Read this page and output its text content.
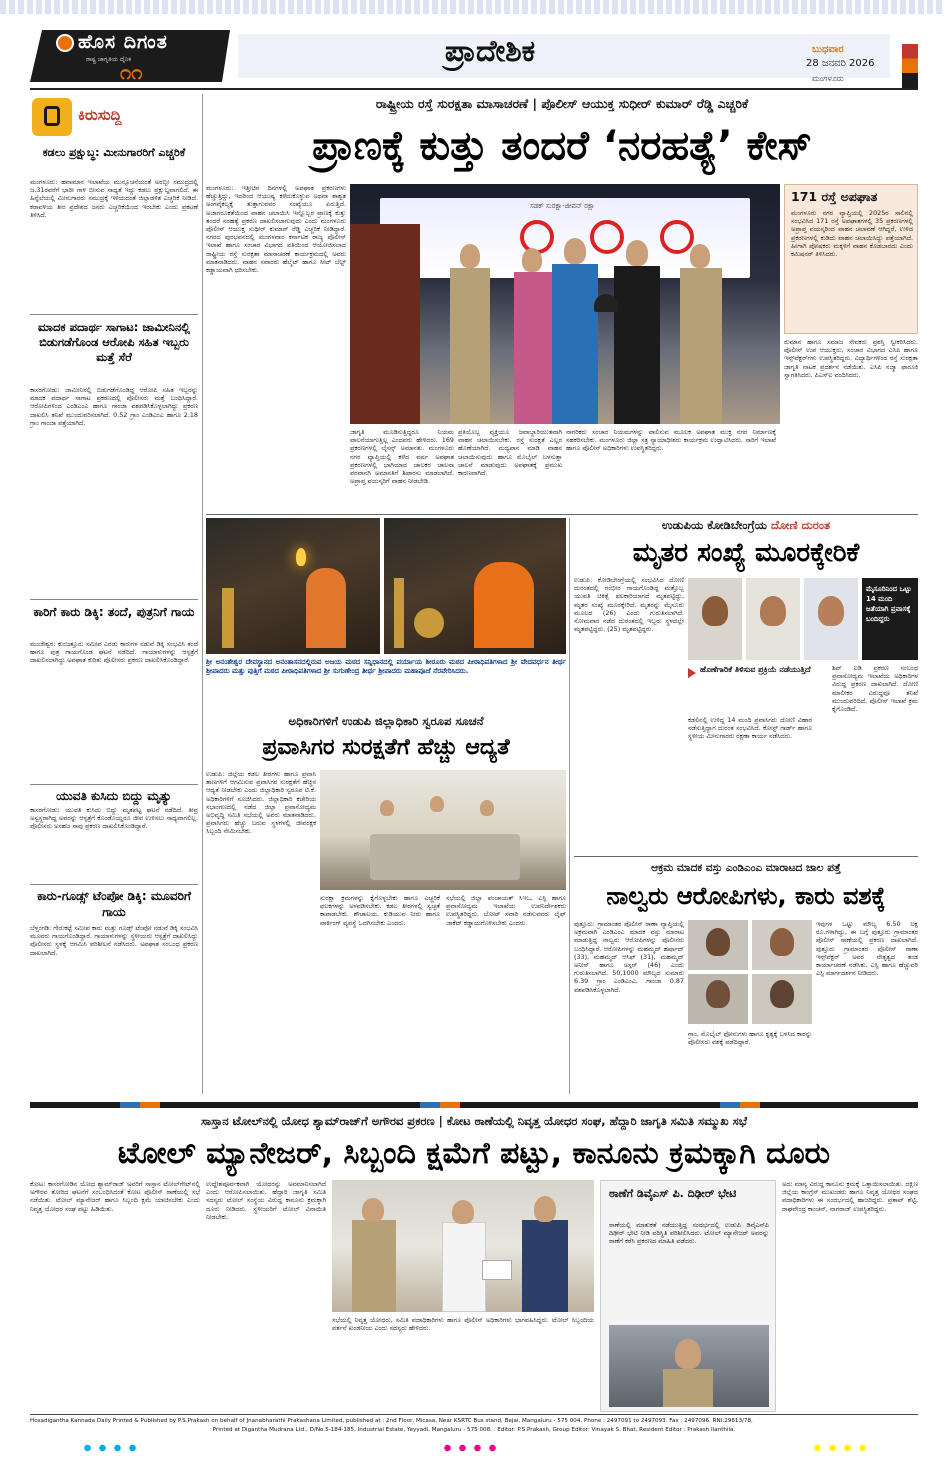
ಹೊಸ ದಿಗಂತ
ರಾಷ್ಟ್ರ ಜಾಗೃತಿಯ ದೈನಿಕ
೧೧
ಪ್ರಾದೇಶಿಕ	ಬುಧವಾರ
28 ಜನವರಿ 2026
ಮಂಗಳೂರು
ಕಿರುಸುದ್ದಿ
ಕಡಲು ಪ್ರಕ್ಷುಬ್ಧ: ಮೀನುಗಾರರಿಗೆ ಎಚ್ಚರಿಕೆ
ಮಂಗಳೂರು: ಹವಾಮಾನ ಇಲಾಖೆಯ ಮುನ್ಸೂಚನೆಯಂತೆ ಅರಬ್ಬೀ ಸಮುದ್ರದಲ್ಲಿ ಜ.31ರವರೆಗೆ ಭಾರೀ ಗಾಳಿ ಬೀಸುವ ಸಾಧ್ಯತೆ ಇದ್ದು ಕಡಲು ಪ್ರಕ್ಷುಬ್ಧವಾಗಲಿದೆ. ಈ ಹಿನ್ನೆಲೆಯಲ್ಲಿ ಮೀನುಗಾರರು ಸಮುದ್ರಕ್ಕೆ ಇಳಿಯದಂತೆ ಜಿಲ್ಲಾಡಳಿತ ಎಚ್ಚರಿಕೆ ನೀಡಿದೆ. ಕರಾವಳಿಯ ತೀರ ಪ್ರದೇಶದ ಜನರು ಎಚ್ಚರಿಕೆಯಿಂದ ಇರಬೇಕು ಎಂದು ಪ್ರಕಟಣೆ ತಿಳಿಸಿದೆ.
ಮಾದಕ ಪದಾರ್ಥ ಸಾಗಾಟ: ಜಾಮೀನಿನಲ್ಲಿ ಬಿಡುಗಡೆಗೊಂಡ ಆರೋಪಿ ಸಹಿತ ಇಬ್ಬರು ಮತ್ತೆ ಸೆರೆ
ಕಾಸರಗೋಡು: ಜಾಮೀನಿನಲ್ಲಿ ಬಿಡುಗಡೆಗೊಂಡಿದ್ದ ಆರೋಪಿ ಸಹಿತ ಇಬ್ಬರನ್ನು ಮಾದಕ ಪದಾರ್ಥ ಸಾಗಾಟ ಪ್ರಕರಣದಲ್ಲಿ ಪೊಲೀಸರು ಮತ್ತೆ ಬಂಧಿಸಿದ್ದಾರೆ. ಆರೋಪಿಗಳಿಂದ ಎಂಡಿಎಂಎ ಹಾಗೂ ಗಾಂಜಾ ವಶಪಡಿಸಿಕೊಳ್ಳಲಾಗಿದ್ದು ಪ್ರಕರಣ ದಾಖಲಿಸಿ ತನಿಖೆ ಮುಂದುವರಿಸಲಾಗಿದೆ. 0.52 ಗ್ರಾಂ ಎಂಡಿಎಂಎ ಹಾಗೂ 2.18 ಗ್ರಾಂ ಗಾಂಜಾ ಪತ್ತೆಯಾಗಿದೆ.
ಕಾರಿಗೆ ಕಾರು ಡಿಕ್ಕಿ: ತಂದೆ, ಪುತ್ರನಿಗೆ ಗಾಯ
ಮಂಜೇಶ್ವರ: ಕುಂಜತ್ತೂರು ಸಮೀಪ ಎರಡು ಕಾರುಗಳ ನಡುವೆ ಡಿಕ್ಕಿ ಸಂಭವಿಸಿ ತಂದೆ ಹಾಗೂ ಪುತ್ರ ಗಾಯಗೊಂಡ ಘಟನೆ ನಡೆದಿದೆ. ಗಾಯಾಳುಗಳನ್ನು ಆಸ್ಪತ್ರೆಗೆ ದಾಖಲಿಸಲಾಗಿದ್ದು ಅಪಘಾತ ಕುರಿತು ಪೊಲೀಸರು ಪ್ರಕರಣ ದಾಖಲಿಸಿಕೊಂಡಿದ್ದಾರೆ.
ಯುವತಿ ಕುಸಿದು ಬಿದ್ದು ಮೃತ್ಯು
ಕಾಸರಗೋಡು: ಯುವತಿ ಕುಸಿದು ಬಿದ್ದು ಮೃತಪಟ್ಟ ಘಟನೆ ನಡೆದಿದೆ. ತೀವ್ರ ಅಸ್ವಸ್ಥರಾಗಿದ್ದ ಅವರನ್ನು ಆಸ್ಪತ್ರೆಗೆ ಕೊಂಡೊಯ್ದರೂ ಜೀವ ಉಳಿಸಲು ಸಾಧ್ಯವಾಗಲಿಲ್ಲ. ಪೊಲೀಸರು ಅಸಹಜ ಸಾವು ಪ್ರಕರಣ ದಾಖಲಿಸಿಕೊಂಡಿದ್ದಾರೆ.
ಕಾರು-ಗೂಡ್ಸ್ ಟೆಂಪೋ ಡಿಕ್ಕಿ: ಮೂವರಿಗೆ ಗಾಯ
ಬೆಳ್ತಂಗಡಿ: ಗೇರುಕಟ್ಟೆ ಸಮೀಪ ಕಾರು ಮತ್ತು ಗೂಡ್ಸ್ ಟೆಂಪೋ ನಡುವೆ ಡಿಕ್ಕಿ ಸಂಭವಿಸಿ ಮೂವರು ಗಾಯಗೊಂಡಿದ್ದಾರೆ. ಗಾಯಾಳುಗಳನ್ನು ಸ್ಥಳೀಯರು ಆಸ್ಪತ್ರೆಗೆ ದಾಖಲಿಸಿದ್ದು ಪೊಲೀಸರು ಸ್ಥಳಕ್ಕೆ ಆಗಮಿಸಿ ಪರಿಶೀಲನೆ ನಡೆಸಿದರು. ಅಪಘಾತ ಸಂಬಂಧ ಪ್ರಕರಣ ದಾಖಲಾಗಿದೆ.
ರಾಷ್ಟ್ರೀಯ ರಸ್ತೆ ಸುರಕ್ಷತಾ ಮಾಸಾಚರಣೆ | ಪೊಲೀಸ್ ಆಯುಕ್ತ ಸುಧೀರ್ ಕುಮಾರ್ ರೆಡ್ಡಿ ಎಚ್ಚರಿಕೆ
ಪ್ರಾಣಕ್ಕೆ ಕುತ್ತು ತಂದರೆ ‘ನರಹತ್ಯೆ’ ಕೇಸ್
ಮಂಗಳೂರು: ಇತ್ತೀಚಿನ ದಿನಗಳಲ್ಲಿ ಅಪಘಾತ ಪ್ರಕರಣಗಳು ಹೆಚ್ಚುತ್ತಿದ್ದು, ಇದರಿಂದ ಆಯುಷ್ಯ ಕಳೆದುಕೊಳ್ಳುವ ಅಥವಾ ಶಾಶ್ವತ ಅಂಗವೈಕಲ್ಯಕ್ಕೆ ತುತ್ತಾಗುವವರ ಸಂಖ್ಯೆಯೂ ಏರುತ್ತಿದೆ. ಅಜಾಗರೂಕತೆಯಿಂದ ವಾಹನ ಚಲಾಯಿಸಿ ಇನ್ನೊಬ್ಬರ ಪ್ರಾಣಕ್ಕೆ ಕುತ್ತು ತಂದರೆ ನರಹತ್ಯೆ ಪ್ರಕರಣ ದಾಖಲಿಸಲಾಗುವುದು ಎಂದು ಮಂಗಳೂರು ಪೊಲೀಸ್ ಆಯುಕ್ತ ಸುಧೀರ್ ಕುಮಾರ್ ರೆಡ್ಡಿ ಎಚ್ಚರಿಕೆ ನೀಡಿದ್ದಾರೆ. ನಗರದ ಪುರಭವನದಲ್ಲಿ ಮಂಗಳವಾರ ಕರ್ನಾಟಕ ರಾಜ್ಯ ಪೊಲೀಸ್ ಇಲಾಖೆ ಹಾಗೂ ಸಂಚಾರ ವಿಭಾಗದ ವತಿಯಿಂದ ಆಯೋಜಿಸಲಾದ ರಾಷ್ಟ್ರೀಯ ರಸ್ತೆ ಸುರಕ್ಷತಾ ಮಾಸಾಚರಣೆ ಕಾರ್ಯಕ್ರಮದಲ್ಲಿ ಅವರು ಮಾತನಾಡಿದರು. ವಾಹನ ಸವಾರರು ಹೆಲ್ಮೆಟ್ ಹಾಗೂ ಸೀಟ್ ಬೆಲ್ಟ್ ಕಡ್ಡಾಯವಾಗಿ ಧರಿಸಬೇಕು.
ಸಡಕ್ ಸುರಕ್ಷಾ-ಜೀವನ್ ರಕ್ಷಾ
171 ರಸ್ತೆ ಅಪಘಾತ
ಮಂಗಳೂರು ನಗರ ವ್ಯಾಪ್ತಿಯಲ್ಲಿ 2025ರ ಸಾಲಿನಲ್ಲಿ ಸಂಭವಿಸಿದ 171 ರಸ್ತೆ ಅಪಘಾತಗಳಲ್ಲಿ 35 ಪ್ರಕರಣಗಳಲ್ಲಿ ಅಪ್ರಾಪ್ತ ವಯಸ್ಕರಿಂದ ವಾಹನ ಚಲಾವಣೆ ಆಗಿದ್ದರೆ, ಉಳಿದ ಪ್ರಕರಣಗಳಲ್ಲಿ ಕುಡಿದು ವಾಹನ ಚಲಾಯಿಸಿದ್ದು ಪತ್ತೆಯಾಗಿದೆ. ಹೀಗಾಗಿ ಪೋಷಕರು ಮಕ್ಕಳಿಗೆ ವಾಹನ ಕೊಡಬಾರದು ಎಂದು ಕಮಿಷನರ್ ತಿಳಿಸಿದರು.
ರುಮಾನ ಹಾಗೂ ಸಮಾಜ ಸೇವಕರು ಪ್ರಶಸ್ತಿ ಸ್ವೀಕರಿಸಿದರು. ಪೊಲೀಸ್ ಉಪ ಆಯುಕ್ತರು, ಸಂಚಾರ ವಿಭಾಗದ ಎಸಿಪಿ ಹಾಗೂ ಇನ್ಸ್‌ಪೆಕ್ಟರ್‌ಗಳು ಉಪಸ್ಥಿತರಿದ್ದರು. ವಿದ್ಯಾರ್ಥಿಗಳಿಂದ ರಸ್ತೆ ಸುರಕ್ಷತಾ ಜಾಗೃತಿ ನಾಟಕ ಪ್ರದರ್ಶನ ನಡೆಯಿತು. ಎಸಿಪಿ ನಜ್ಮಾ ಫಾರೂಕಿ ಸ್ವಾಗತಿಸಿದರು. ಪಿಎಸ್‌ಐ ವಂದಿಸಿದರು.
ಜಾಗೃತಿ ಮೂಡಿಸುತ್ತಿದ್ದರೂ ನಿಯಮ ಪಾಲನೆಯಾಗುತ್ತಿಲ್ಲ ಎಂದವರು ಹೇಳಿದರು. 169 ಪ್ರಕರಣಗಳಲ್ಲಿ ಲೈಸನ್ಸ್ ಅಮಾನತು. ಮಂಗಳೂರು ನಗರ ವ್ಯಾಪ್ತಿಯಲ್ಲಿ ಕಳೆದ ವರ್ಷ ಅಪಘಾತ ಪ್ರಕರಣಗಳಲ್ಲಿ ಭಾಗಿಯಾದ ಚಾಲಕರ ಚಾಲನಾ ಪರವಾನಗಿ ಅಮಾನತಿಗೆ ಶಿಫಾರಸು ಮಾಡಲಾಗಿದೆ. ಅಪ್ರಾಪ್ತ ವಯಸ್ಕರಿಗೆ ವಾಹನ ನೀಡಬೇಡಿ.
ಪ್ರತಿಯೊಬ್ಬ ವ್ಯಕ್ತಿಯೂ ಜವಾಬ್ದಾರಿಯುತವಾಗಿ ವಾಹನ ಚಲಾಯಿಸಬೇಕು. ರಸ್ತೆ ಸುರಕ್ಷತೆ ಎಲ್ಲರ ಹೊಣೆಯಾಗಿದೆ. ಮದ್ಯಪಾನ ಮಾಡಿ ವಾಹನ ಚಲಾಯಿಸುವುದು ಹಾಗೂ ಮೊಬೈಲ್ ಬಳಸುತ್ತಾ ಚಾಲನೆ ಮಾಡುವುದು ಅಪಘಾತಕ್ಕೆ ಪ್ರಮುಖ ಕಾರಣವಾಗಿದೆ.
ನಾಗರಿಕರು ಸಂಚಾರ ನಿಯಮಗಳನ್ನು ಪಾಲಿಸುವ ಮೂಲಕ ಅಪಘಾತ ಮುಕ್ತ ನಗರ ನಿರ್ಮಾಣಕ್ಕೆ ಸಹಕರಿಸಬೇಕು. ಮಂಗಳೂರು ಜಿಲ್ಲಾ ಸತ್ರ ನ್ಯಾಯಾಧೀಶರು ಕಾರ್ಯಕ್ರಮ ಉದ್ಘಾಟಿಸಿದರು. ಸಾರಿಗೆ ಇಲಾಖೆ ಹಾಗೂ ಪೊಲೀಸ್ ಅಧಿಕಾರಿಗಳು ಉಪಸ್ಥಿತರಿದ್ದರು.
ಶ್ರೀ ಅನಂತೇಶ್ವರ ದೇವಸ್ಥಾನದ ಅನಂತಾಸನದಲ್ಲಿರುವ ಅಜಯ ಮಠದ ಸನ್ನಿಧಾನದಲ್ಲಿ ಪರ್ಯಾಯ ಶೀರೂರು ಮಠದ ಪೀಠಾಧಿಪತಿಗಳಾದ ಶ್ರೀ ವೇದವರ್ಧನ ತೀರ್ಥ ಶ್ರೀಪಾದರು ಮತ್ತು ಪುತ್ತಿಗೆ ಮಠದ ಪೀಠಾಧಿಪತಿಗಳಾದ ಶ್ರೀ ಸುಗುಣೇಂದ್ರ ತೀರ್ಥ ಶ್ರೀಪಾದರು ಮಹಾಪೂಜೆ ನೆರವೇರಿಸಿದರು.
ಅಧಿಕಾರಿಗಳಿಗೆ ಉಡುಪಿ ಜಿಲ್ಲಾಧಿಕಾರಿ ಸ್ವರೂಪ ಸೂಚನೆ
ಪ್ರವಾಸಿಗರ ಸುರಕ್ಷತೆಗೆ ಹೆಚ್ಚು ಆದ್ಯತೆ
ಉಡುಪಿ: ಜಿಲ್ಲೆಯ ಕಡಲ ತೀರಗಳು ಹಾಗೂ ಪ್ರವಾಸಿ ತಾಣಗಳಿಗೆ ಆಗಮಿಸುವ ಪ್ರವಾಸಿಗರ ಸುರಕ್ಷತೆಗೆ ಹೆಚ್ಚಿನ ಆದ್ಯತೆ ನೀಡಬೇಕು ಎಂದು ಜಿಲ್ಲಾಧಿಕಾರಿ ಸ್ವರೂಪ ಟಿ.ಕೆ. ಅಧಿಕಾರಿಗಳಿಗೆ ಸೂಚಿಸಿದರು. ಜಿಲ್ಲಾಧಿಕಾರಿ ಕಚೇರಿಯ ಸಭಾಂಗಣದಲ್ಲಿ ನಡೆದ ಜಿಲ್ಲಾ ಪ್ರವಾಸೋದ್ಯಮ ಅಭಿವೃದ್ಧಿ ಸಮಿತಿ ಸಭೆಯಲ್ಲಿ ಅವರು ಮಾತನಾಡಿದರು. ಪ್ರವಾಸಿಗರು ಹೆಚ್ಚು ಬರುವ ಸ್ಥಳಗಳಲ್ಲಿ ಜೀವರಕ್ಷಕ ಸಿಬ್ಬಂದಿ ನೇಮಿಸಬೇಕು.
ಸುರಕ್ಷಾ ಕ್ರಮಗಳನ್ನು ಕೈಗೊಳ್ಳಬೇಕು ಹಾಗೂ ಎಚ್ಚರಿಕೆ ಫಲಕಗಳನ್ನು ಅಳವಡಿಸಬೇಕು. ಕಡಲ ತೀರಗಳಲ್ಲಿ ಸ್ವಚ್ಛತೆ ಕಾಪಾಡಬೇಕು. ಶೌಚಾಲಯ, ಕುಡಿಯುವ ನೀರು ಹಾಗೂ ಪಾರ್ಕಿಂಗ್ ವ್ಯವಸ್ಥೆ ಒದಗಿಸಬೇಕು ಎಂದರು.
ಸಭೆಯಲ್ಲಿ ಜಿಲ್ಲಾ ಪಂಚಾಯತ್ ಸಿಇಒ, ಎಸ್ಪಿ ಹಾಗೂ ಪ್ರವಾಸೋದ್ಯಮ ಇಲಾಖೆಯ ಉಪನಿರ್ದೇಶಕರು ಉಪಸ್ಥಿತರಿದ್ದರು. ಬೋಟ್ ಸವಾರಿ ನಡೆಸುವವರು ಲೈಫ್ ಜಾಕೆಟ್ ಕಡ್ಡಾಯಗೊಳಿಸಬೇಕು ಎಂದರು.
ಉಡುಪಿಯ ಕೋಡಿಬೇಂಗ್ರೆಯ ದೋಣಿ ದುರಂತ
ಮೃತರ ಸಂಖ್ಯೆ ಮೂರಕ್ಕೇರಿಕೆ
ಉಡುಪಿ: ಕೋಡಿಬೇಂಗ್ರೆಯಲ್ಲಿ ಸಂಭವಿಸಿದ ದೋಣಿ ದುರಂತದಲ್ಲಿ ಗಂಭೀರ ಗಾಯಗೊಂಡಿದ್ದ ಮತ್ತೊಬ್ಬ ಯುವತಿ ಚಿಕಿತ್ಸೆ ಫಲಕಾರಿಯಾಗದೆ ಮೃತಪಟ್ಟಿದ್ದು, ಮೃತರ ಸಂಖ್ಯೆ ಮೂರಕ್ಕೇರಿದೆ. ಮೃತರನ್ನು ಮೈಸೂರು ಮೂಲದ (26) ಎಂದು ಗುರುತಿಸಲಾಗಿದೆ. ಸೋಮವಾರ ನಡೆದ ದುರಂತದಲ್ಲಿ ಇಬ್ಬರು ಸ್ಥಳದಲ್ಲೇ ಮೃತಪಟ್ಟಿದ್ದರು. (25) ಮೃತಪಟ್ಟಿದ್ದರು.
ಮೈಸೂರಿನಿಂದ ಒಟ್ಟು 14 ಮಂದಿ ಜತೆಯಾಗಿ ಪ್ರವಾಸಕ್ಕೆ ಬಂದಿದ್ದರು
ಹೊಣೆಗಾರಿಕೆ ತಿಳಿಸುವ ಪ್ರಕ್ರಿಯೆ ನಡೆಯುತ್ತಿದೆ
ಕಡಲಿನಲ್ಲಿ ಉಳಿದ್ದ 14 ಮಂದಿ ಪ್ರವಾಸಿಗರು ದೋಣಿ ವಿಹಾರ ನಡೆಸುತ್ತಿದ್ದಾಗ ದುರಂತ ಸಂಭವಿಸಿದೆ. ಕೋಸ್ಟ್ ಗಾರ್ಡ್ ಹಾಗೂ ಸ್ಥಳೀಯ ಮೀನುಗಾರರು ರಕ್ಷಣಾ ಕಾರ್ಯ ನಡೆಸಿದರು.
ಶಿಪ್ ಐಡಿ ಪ್ರಕರಣ ಸಂಬಂಧ ಪ್ರವಾಸೋದ್ಯಮ ಇಲಾಖೆಯ ಅಧಿಕಾರಿಗಳ ವಿರುದ್ಧ ಪ್ರಕರಣ ದಾಖಲಾಗಿದೆ. ದೋಣಿ ಮಾಲೀಕರ ವಿರುದ್ಧವೂ ತನಿಖೆ ಮುಂದುವರಿದಿದೆ. ಪೊಲೀಸ್ ಇಲಾಖೆ ಕ್ರಮ ಕೈಗೊಂಡಿದೆ.
ಆಕ್ರಮ ಮಾದಕ ವಸ್ತು ಎಂಡಿಎಂಎ ಮಾರಾಟದ ಜಾಲ ಪತ್ತೆ
ನಾಲ್ವರು ಆರೋಪಿಗಳು, ಕಾರು ವಶಕ್ಕೆ
ಪುತ್ತೂರು: ಗ್ರಾಮಾಂತರ ಪೊಲೀಸ್ ಠಾಣಾ ವ್ಯಾಪ್ತಿಯಲ್ಲಿ ಅಕ್ರಮವಾಗಿ ಎಂಡಿಎಂಎ ಮಾದಕ ವಸ್ತು ಮಾರಾಟ ಮಾಡುತ್ತಿದ್ದ ನಾಲ್ವರು ಆರೋಪಿಗಳನ್ನು ಪೊಲೀಸರು ಬಂಧಿಸಿದ್ದಾರೆ. ಆರೋಪಿಗಳನ್ನು ಮಹಮ್ಮದ್ ಹರ್ಷಾದ್ (33), ಮಹಮ್ಮದ್ ಆಸಿಫ್ (31), ಮಹಮ್ಮದ್ ಅನೀಸ್ ಹಾಗೂ ಅಸ್ಗರ್ (46) ಎಂದು ಗುರುತಿಸಲಾಗಿದೆ. 50,1000 ಮೌಲ್ಯದ ಸುಮಾರು 6.39 ಗ್ರಾಂ ಎಂಡಿಎಂಎ, ಗಾಂಜಾ 0.87 ವಶಪಡಿಸಿಕೊಳ್ಳಲಾಗಿದೆ.
ಗ್ರಾಂ, ಮೊಬೈಲ್ ಫೋನುಗಳು ಹಾಗೂ ಕೃತ್ಯಕ್ಕೆ ಬಳಸಿದ ಕಾರನ್ನು ಪೊಲೀಸರು ವಶಕ್ಕೆ ಪಡೆದಿದ್ದಾರೆ.
ಇವುಗಳ ಒಟ್ಟು ಮೌಲ್ಯ 6.50 ಲಕ್ಷ ರೂ.ಗಳಾಗಿದ್ದು, ಈ ಬಗ್ಗೆ ಪುತ್ತೂರು ಗ್ರಾಮಾಂತರ ಪೊಲೀಸ್ ಠಾಣೆಯಲ್ಲಿ ಪ್ರಕರಣ ದಾಖಲಾಗಿದೆ. ಪುತ್ತೂರು ಗ್ರಾಮಾಂತರ ಪೊಲೀಸ್ ಠಾಣಾ ಇನ್ಸ್‌ಪೆಕ್ಟರ್ ಅವರ ನೇತೃತ್ವದ ತಂಡ ಕಾರ್ಯಾಚರಣೆ ನಡೆಸಿತು. ಎಸ್ಪಿ ಹಾಗೂ ಹೆಚ್ಚುವರಿ ಎಸ್ಪಿ ಮಾರ್ಗದರ್ಶನ ನೀಡಿದರು.
ಸಾಸ್ತಾನ ಟೋಲ್‌ನಲ್ಲಿ ಯೋಧ ಶ್ಯಾಮ್‌ರಾಜ್‌ಗೆ ಅಗೌರವ ಪ್ರಕರಣ | ಕೋಟ ಠಾಣೆಯಲ್ಲಿ ನಿವೃತ್ತ ಯೋಧರ ಸಂಘ, ಹೆದ್ದಾರಿ ಜಾಗೃತಿ ಸಮಿತಿ ಸಮ್ಮುಖ ಸಭೆ
ಟೋಲ್ ಮ್ಯಾನೇಜರ್, ಸಿಬ್ಬಂದಿ ಕ್ಷಮೆಗೆ ಪಟ್ಟು, ಕಾನೂನು ಕ್ರಮಕ್ಕಾಗಿ ದೂರು
ಕೋಟ: ಕಾಸರಗೋಡಿನ ಯೋಧ ಶ್ಯಾಮ್‌ರಾಜ್ ಅವರಿಗೆ ಸಾಸ್ತಾನ ಟೋಲ್‌ಗೇಟ್‌ನಲ್ಲಿ ಅಗೌರವ ತೋರಿದ ಘಟನೆಗೆ ಸಂಬಂಧಿಸಿದಂತೆ ಕೋಟ ಪೊಲೀಸ್ ಠಾಣೆಯಲ್ಲಿ ಸಭೆ ನಡೆಯಿತು. ಟೋಲ್ ಮ್ಯಾನೇಜರ್ ಹಾಗೂ ಸಿಬ್ಬಂದಿ ಕ್ಷಮೆ ಯಾಚಿಸಬೇಕು ಎಂದು ನಿವೃತ್ತ ಯೋಧರ ಸಂಘ ಪಟ್ಟು ಹಿಡಿಯಿತು.
ಉದ್ದೇಶಪೂರ್ವಕವಾಗಿ ಯೋಧರನ್ನು ಅವಮಾನಿಸಲಾಗಿದೆ ಎಂದು ಆರೋಪಿಸಲಾಯಿತು. ಹೆದ್ದಾರಿ ಜಾಗೃತಿ ಸಮಿತಿ ಸದಸ್ಯರು ಟೋಲ್ ಸಂಸ್ಥೆಯ ವಿರುದ್ಧ ಕಾನೂನು ಕ್ರಮಕ್ಕಾಗಿ ದೂರು ನೀಡಿದರು. ಸ್ಥಳೀಯರಿಗೆ ಟೋಲ್ ವಿನಾಯಿತಿ ನೀಡಬೇಕು.
ಸಭೆಯಲ್ಲಿ ನಿವೃತ್ತ ಯೋಧರು, ಸಮಿತಿ ಪದಾಧಿಕಾರಿಗಳು ಹಾಗೂ ಪೊಲೀಸ್ ಅಧಿಕಾರಿಗಳು ಭಾಗವಹಿಸಿದ್ದರು. ಟೋಲ್ ಸಿಬ್ಬಂದಿಯ ವರ್ತನೆ ಖಂಡನೀಯ ಎಂದು ಸದಸ್ಯರು ಹೇಳಿದರು.
ಠಾಣೆಗೆ ಡಿವೈಎಸ್ ಪಿ. ದಿಢೀರ್ ಭೇಟಿ
ಠಾಣೆಯಲ್ಲಿ ಮಾತುಕತೆ ನಡೆಯುತ್ತಿದ್ದ ಸಂದರ್ಭದಲ್ಲಿ ಉಡುಪಿ ಡಿವೈಎಸ್‌ಪಿ ದಿಢೀರ್ ಭೇಟಿ ನೀಡಿ ಪರಿಸ್ಥಿತಿ ಪರಿಶೀಲಿಸಿದರು. ಟೋಲ್ ಮ್ಯಾನೇಜರ್ ಅವರನ್ನು ಠಾಣೆಗೆ ಕರೆಸಿ ಪ್ರಕರಣದ ಮಾಹಿತಿ ಪಡೆದರು.
ಅದು ಮಾನ್ಯ ವಿರುದ್ಧ ಕಾನೂನು ಕ್ರಮಕ್ಕೆ ಒತ್ತಾಯಿಸಲಾಯಿತು. ದಕ್ಷಿಣ ಜಿಲ್ಲೆಯ ಕಾಂಗ್ರೆಸ್ ಮುಖಂಡರು ಹಾಗೂ ನಿವೃತ್ತ ಯೋಧರ ಸಂಘದ ಪದಾಧಿಕಾರಿಗಳು ಈ ಸಂದರ್ಭದಲ್ಲಿ ಹಾಜರಿದ್ದರು. ಪ್ರತಾಪ್ ಶೆಟ್ಟಿ, ರಾಘವೇಂದ್ರ ಕಾಂಚನ್, ನಾಗರಾಜ್ ಉಪಸ್ಥಿತರಿದ್ದರು.
Hosadigantha Kannada Daily Printed & Published by P.S.Prakash on behalf of Jnanabharathi Prakashana Limited, published at : 2nd Floor, Micasa, Near KSRTC Bus stand, Bejai, Mangaluru - 575 004, Phone : 2497091 to 2497093. Fax : 2497096. RNI:29813/78,
Printed at Digantha Mudrana Ltd., D/No.5-184-185, Industrial Estate, Yeyyadi, Mangaluru - 575 008. . Editor: P.S.Prakash, Group Editor: Vinayak S. Bhat, Resident Editor : Prakash Ilanthila.
